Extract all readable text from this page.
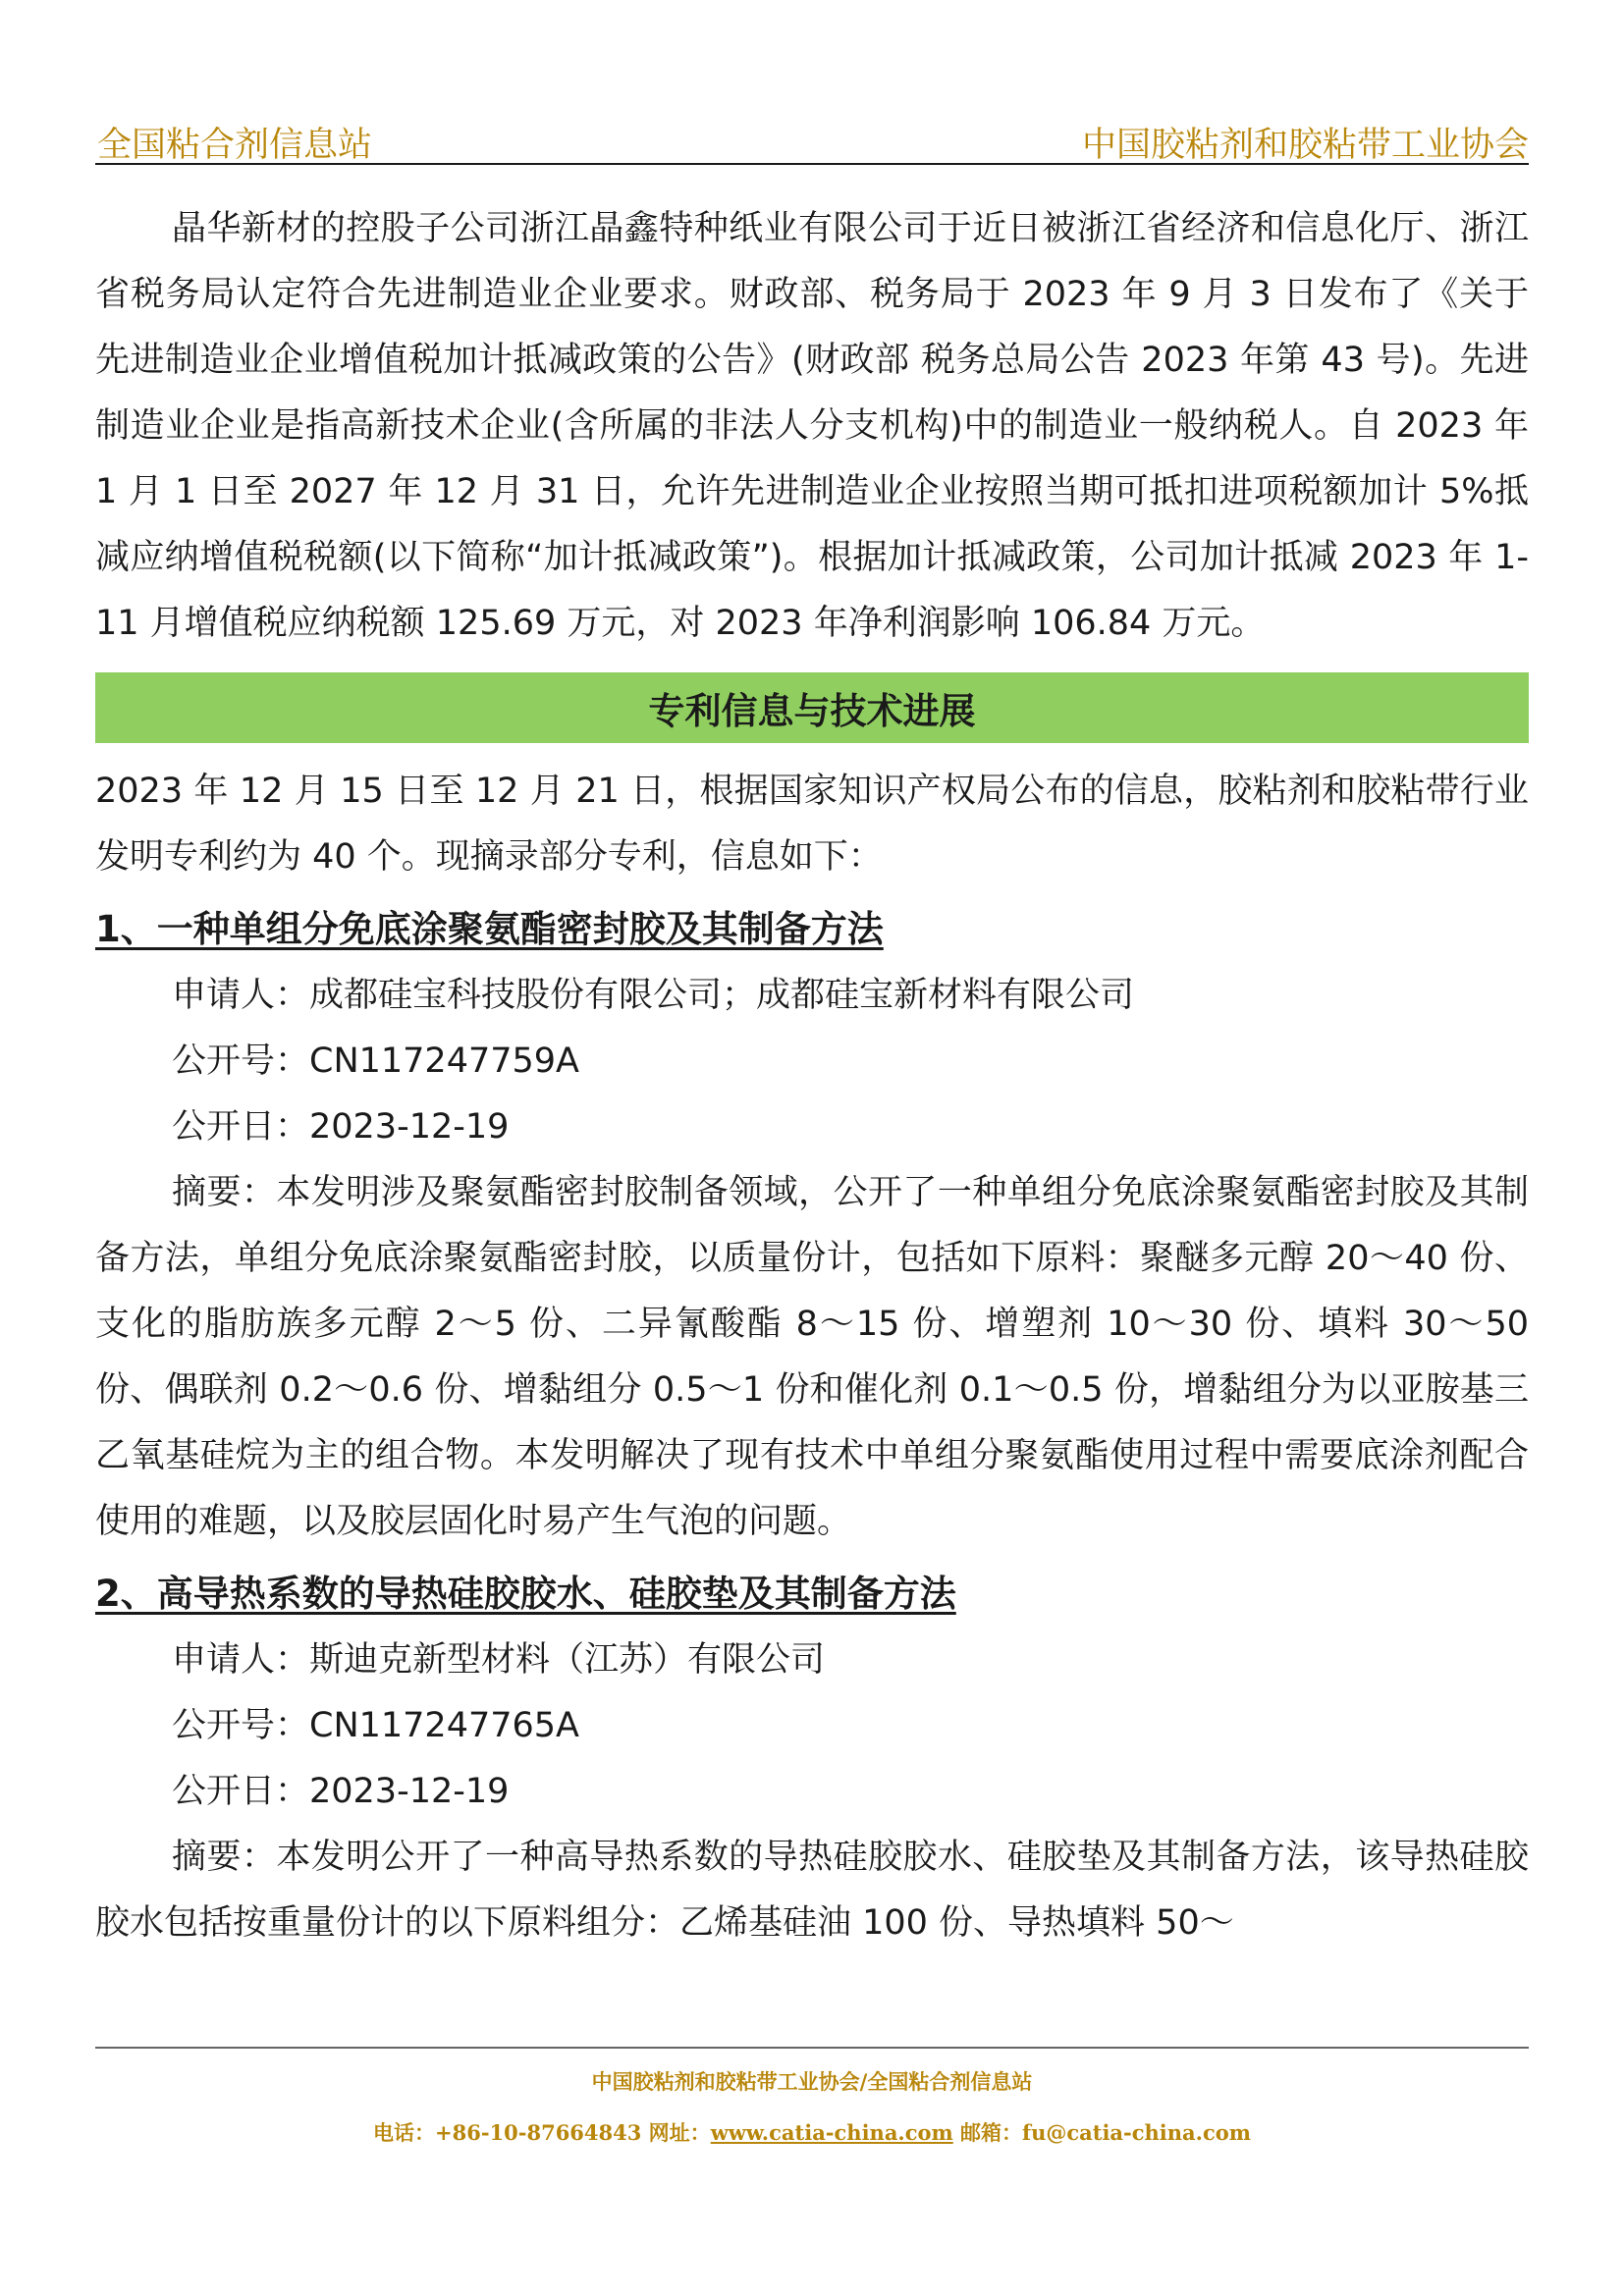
全国粘合剂信息站	中国胶粘剂和胶粘带工业协会

晶华新材的控股子公司浙江晶鑫特种纸业有限公司于近日被浙江省经济和信息化厅、浙江省税务局认定符合先进制造业企业要求。财政部、税务局于 2023 年 9 月 3 日发布了《关于先进制造业企业增值税加计抵减政策的公告》(财政部 税务总局公告 2023 年第 43 号)。先进制造业企业是指高新技术企业(含所属的非法人分支机构)中的制造业一般纳税人。自 2023 年 1 月 1 日至 2027 年 12 月 31 日，允许先进制造业企业按照当期可抵扣进项税额加计 5%抵减应纳增值税税额(以下简称“加计抵减政策”)。根据加计抵减政策，公司加计抵减 2023 年 1-11 月增值税应纳税额 125.69 万元，对 2023 年净利润影响 106.84 万元。

专利信息与技术进展

2023 年 12 月 15 日至 12 月 21 日，根据国家知识产权局公布的信息，胶粘剂和胶粘带行业发明专利约为 40 个。现摘录部分专利，信息如下：

1、一种单组分免底涂聚氨酯密封胶及其制备方法
申请人：成都硅宝科技股份有限公司；成都硅宝新材料有限公司
公开号：CN117247759A
公开日：2023-12-19

摘要：本发明涉及聚氨酯密封胶制备领域，公开了一种单组分免底涂聚氨酯密封胶及其制备方法，单组分免底涂聚氨酯密封胶，以质量份计，包括如下原料：聚醚多元醇 20～40 份、支化的脂肪族多元醇 2～5 份、二异氰酸酯 8～15 份、增塑剂 10～30 份、填料 30～50 份、偶联剂 0.2～0.6 份、增黏组分 0.5～1 份和催化剂 0.1～0.5 份，增黏组分为以亚胺基三乙氧基硅烷为主的组合物。本发明解决了现有技术中单组分聚氨酯使用过程中需要底涂剂配合使用的难题，以及胶层固化时易产生气泡的问题。

2、高导热系数的导热硅胶胶水、硅胶垫及其制备方法
申请人：斯迪克新型材料（江苏）有限公司
公开号：CN117247765A
公开日：2023-12-19

摘要：本发明公开了一种高导热系数的导热硅胶胶水、硅胶垫及其制备方法，该导热硅胶胶水包括按重量份计的以下原料组分：乙烯基硅油 100 份、导热填料 50～

中国胶粘剂和胶粘带工业协会/全国粘合剂信息站
电话：+86-10-87664843 网址：www.catia-china.com 邮箱：fu@catia-china.com
